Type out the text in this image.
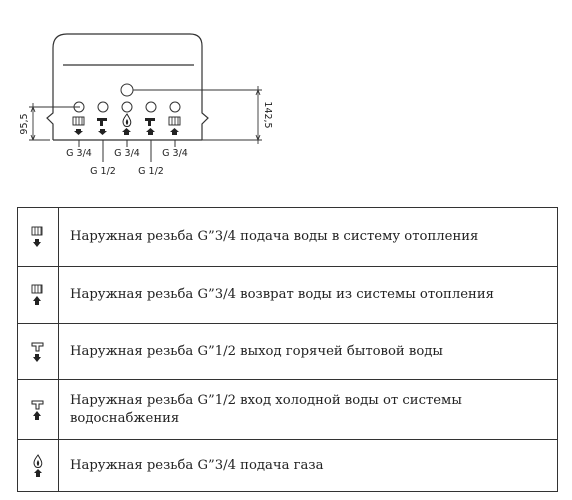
G 3/4 G 3/4 G 3/4
G 1/2 G 1/2
95,5	142,5
	Наружная резьба G”3/4 подача воды в систему отопления

	Наружная резьба G”3/4 возврат воды из системы отопления

	Наружная резьба G”1/2 выход горячей бытовой воды

	Наружная резьба G”1/2 вход холодной воды от системы водоснабжения

	Наружная резьба G”3/4 подача газа
